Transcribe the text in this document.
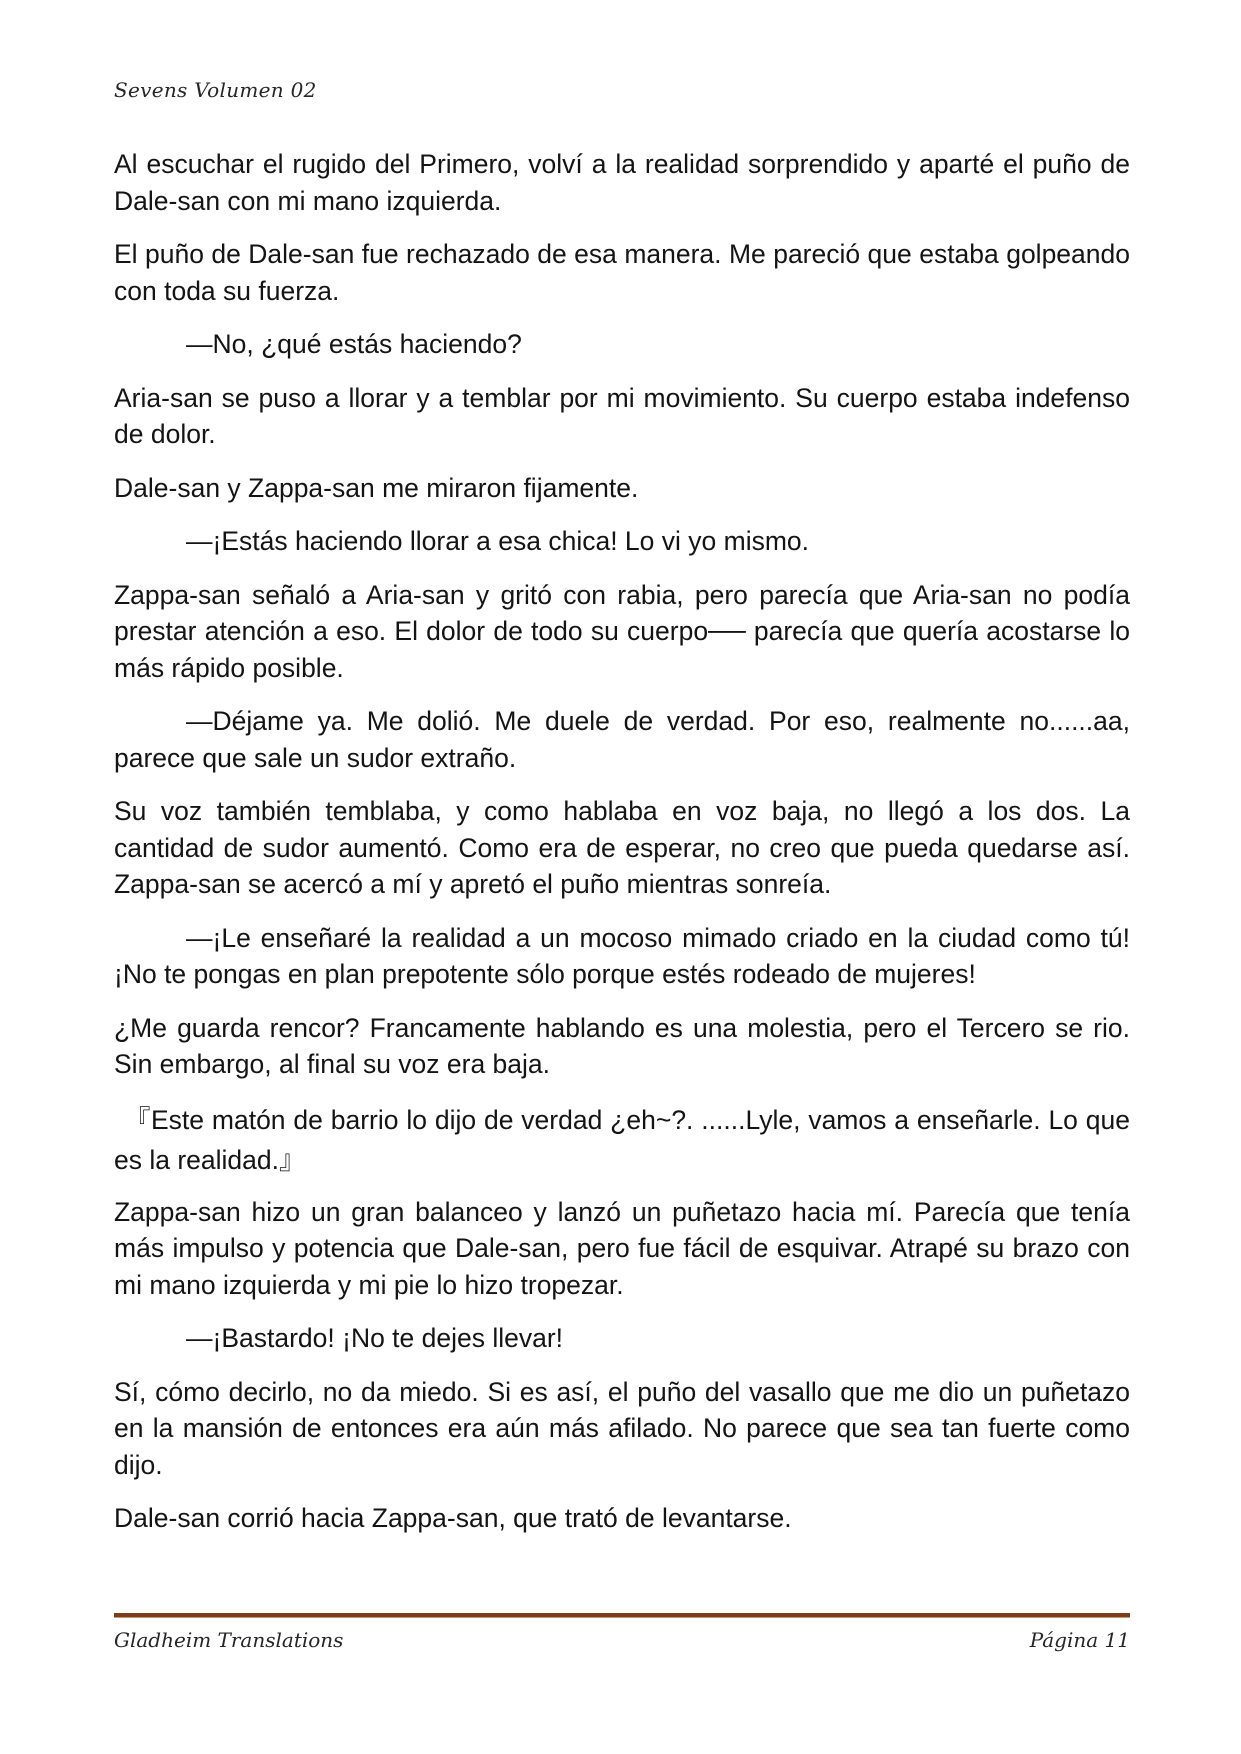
Sevens Volumen 02

Al escuchar el rugido del Primero, volví a la realidad sorprendido y aparté el puño de Dale-san con mi mano izquierda.

El puño de Dale-san fue rechazado de esa manera. Me pareció que estaba golpeando con toda su fuerza.

—No, ¿qué estás haciendo?

Aria-san se puso a llorar y a temblar por mi movimiento. Su cuerpo estaba indefenso de dolor.

Dale-san y Zappa-san me miraron fijamente.

—¡Estás haciendo llorar a esa chica! Lo vi yo mismo.

Zappa-san señaló a Aria-san y gritó con rabia, pero parecía que Aria-san no podía prestar atención a eso. El dolor de todo su cuerpo── parecía que quería acostarse lo más rápido posible.

—Déjame ya. Me dolió. Me duele de verdad. Por eso, realmente no......aa, parece que sale un sudor extraño.

Su voz también temblaba, y como hablaba en voz baja, no llegó a los dos. La cantidad de sudor aumentó. Como era de esperar, no creo que pueda quedarse así. Zappa-san se acercó a mí y apretó el puño mientras sonreía.

—¡Le enseñaré la realidad a un mocoso mimado criado en la ciudad como tú! ¡No te pongas en plan prepotente sólo porque estés rodeado de mujeres!

¿Me guarda rencor? Francamente hablando es una molestia, pero el Tercero se rio. Sin embargo, al final su voz era baja.

『Este matón de barrio lo dijo de verdad ¿eh~?. ......Lyle, vamos a enseñarle. Lo que es la realidad.』

Zappa-san hizo un gran balanceo y lanzó un puñetazo hacia mí. Parecía que tenía más impulso y potencia que Dale-san, pero fue fácil de esquivar. Atrapé su brazo con mi mano izquierda y mi pie lo hizo tropezar.

—¡Bastardo! ¡No te dejes llevar!

Sí, cómo decirlo, no da miedo. Si es así, el puño del vasallo que me dio un puñetazo en la mansión de entonces era aún más afilado. No parece que sea tan fuerte como dijo.

Dale-san corrió hacia Zappa-san, que trató de levantarse.

Gladheim Translations	Página 11
